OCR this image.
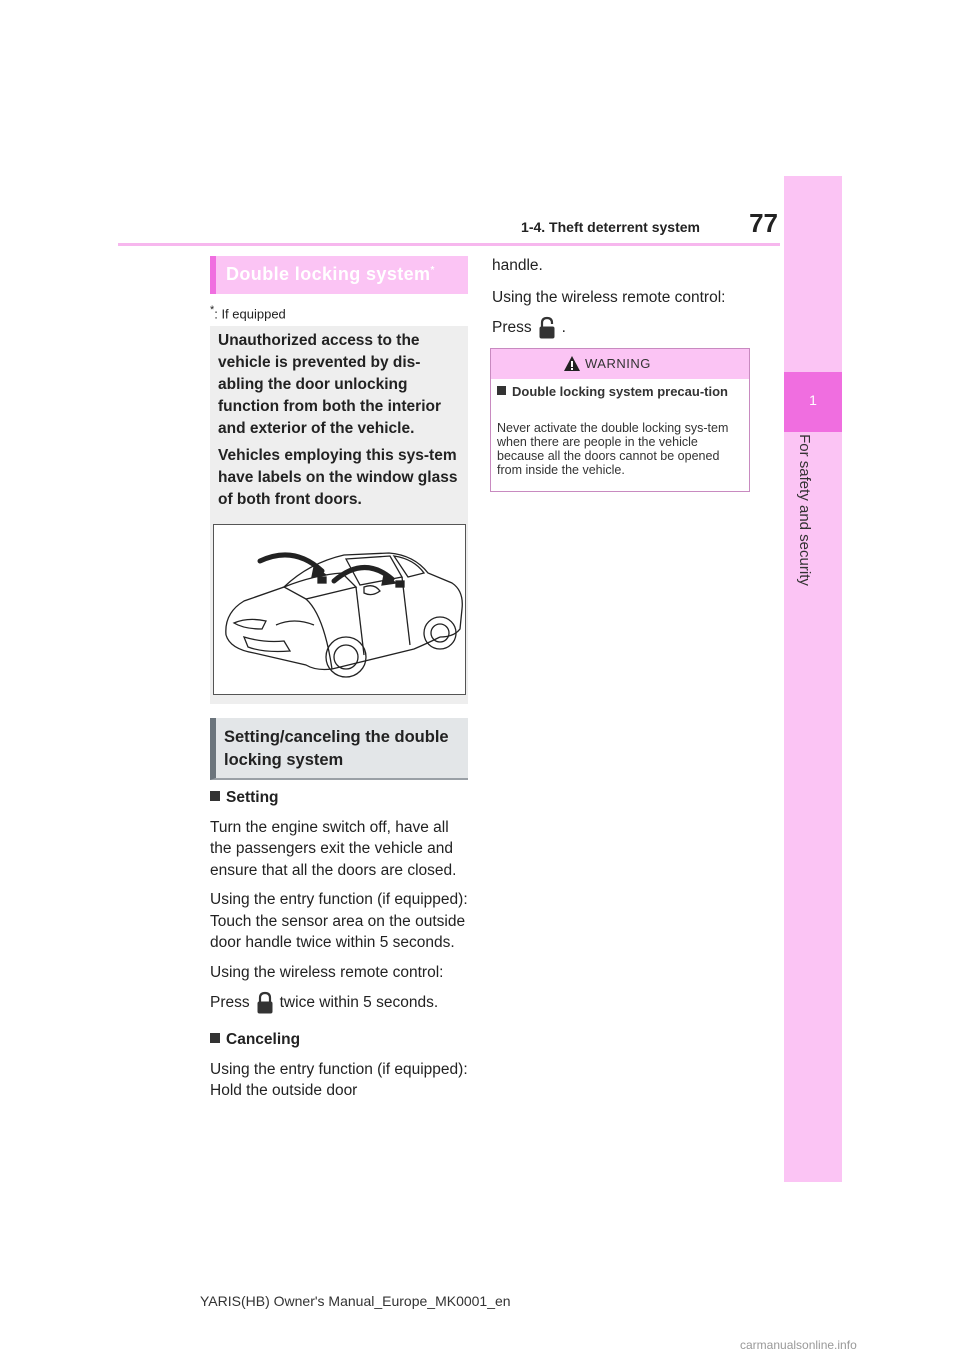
1-4. Theft deterrent system	77
1
For safety and security
Double locking system*
*: If equipped

Unauthorized access to the vehicle is prevented by dis-abling the door unlocking function from both the interior and exterior of the vehicle.

Vehicles employing this sys-tem have labels on the window glass of both front doors.

Setting/canceling the double locking system

Setting

Turn the engine switch off, have all the passengers exit the vehicle and ensure that all the doors are closed.

Using the entry function (if equipped): Touch the sensor area on the outside door handle twice within 5 seconds.

Using the wireless remote control:

Press twice within 5 seconds.

Canceling

Using the entry function (if equipped): Hold the outside door

handle.

Using the wireless remote control:

Press .

WARNING
Double locking system precau-tion
Never activate the double locking sys-tem when there are people in the vehicle because all the doors cannot be opened from inside the vehicle.
YARIS(HB) Owner's Manual_Europe_MK0001_en
carmanualsonline.info
